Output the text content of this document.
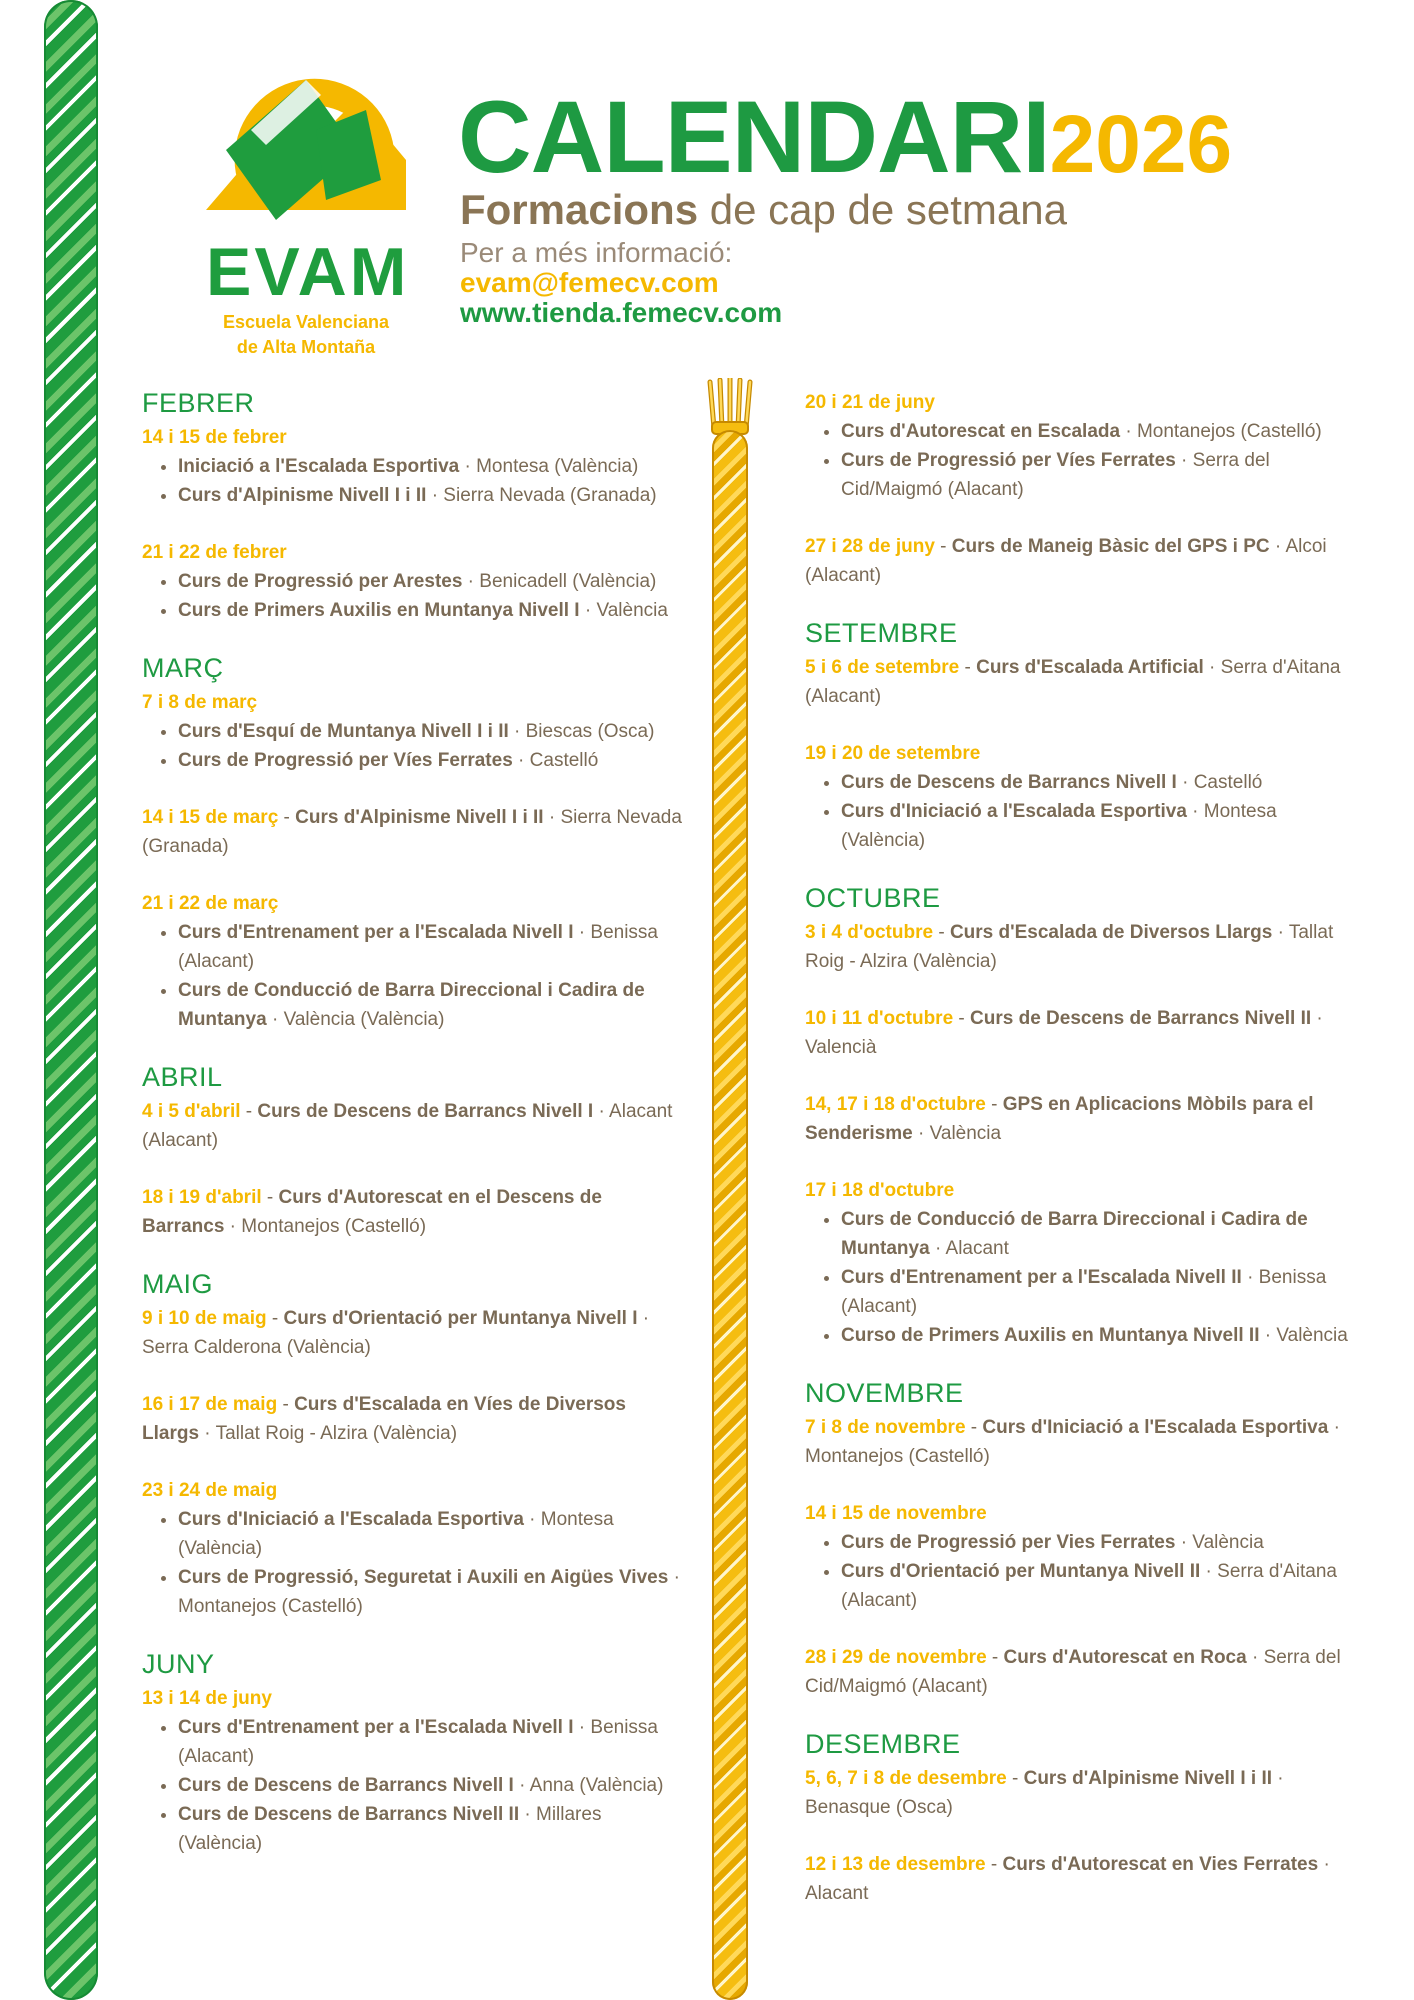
EVAM
Escuela Valenciana
de Alta Montaña
CALENDARI2026
Formacions de cap de setmana
Per a més informació:
evam@femecv.com
www.tienda.femecv.com
FEBRER
14 i 15 de febrer
• Iniciació a l'Escalada Esportiva · Montesa (València)
• Curs d'Alpinisme Nivell I i II · Sierra Nevada (Granada)
21 i 22 de febrer
• Curs de Progressió per Arestes · Benicadell (València)
• Curs de Primers Auxilis en Muntanya Nivell I · València
MARÇ
7 i 8 de març
• Curs d'Esquí de Muntanya Nivell I i II · Biescas (Osca)
• Curs de Progressió per Víes Ferrates · Castelló
14 i 15 de març - Curs d'Alpinisme Nivell I i II · Sierra Nevada (Granada)
21 i 22 de març
• Curs d'Entrenament per a l'Escalada Nivell I · Benissa (Alacant)
• Curs de Conducció de Barra Direccional i Cadira de Muntanya · València (València)
ABRIL
4 i 5 d'abril - Curs de Descens de Barrancs Nivell I · Alacant (Alacant)
18 i 19 d'abril - Curs d'Autorescat en el Descens de Barrancs · Montanejos (Castelló)
MAIG
9 i 10 de maig - Curs d'Orientació per Muntanya Nivell I · Serra Calderona (València)
16 i 17 de maig - Curs d'Escalada en Víes de Diversos Llargs · Tallat Roig - Alzira (València)
23 i 24 de maig
• Curs d'Iniciació a l'Escalada Esportiva · Montesa (València)
• Curs de Progressió, Seguretat i Auxili en Aigües Vives · Montanejos (Castelló)
JUNY
13 i 14 de juny
• Curs d'Entrenament per a l'Escalada Nivell I · Benissa (Alacant)
• Curs de Descens de Barrancs Nivell I · Anna (València)
• Curs de Descens de Barrancs Nivell II · Millares (València)
20 i 21 de juny
• Curs d'Autorescat en Escalada · Montanejos (Castelló)
• Curs de Progressió per Víes Ferrates · Serra del Cid/Maigmó (Alacant)
27 i 28 de juny - Curs de Maneig Bàsic del GPS i PC · Alcoi (Alacant)
SETEMBRE
5 i 6 de setembre - Curs d'Escalada Artificial · Serra d'Aitana (Alacant)
19 i 20 de setembre
• Curs de Descens de Barrancs Nivell I · Castelló
• Curs d'Iniciació a l'Escalada Esportiva · Montesa (València)
OCTUBRE
3 i 4 d'octubre - Curs d'Escalada de Diversos Llargs · Tallat Roig - Alzira (València)
10 i 11 d'octubre - Curs de Descens de Barrancs Nivell II · Valencià
14, 17 i 18 d'octubre - GPS en Aplicacions Mòbils para el Senderisme · València
17 i 18 d'octubre
• Curs de Conducció de Barra Direccional i Cadira de Muntanya · Alacant
• Curs d'Entrenament per a l'Escalada Nivell II · Benissa (Alacant)
• Curso de Primers Auxilis en Muntanya Nivell II · València
NOVEMBRE
7 i 8 de novembre - Curs d'Iniciació a l'Escalada Esportiva · Montanejos (Castelló)
14 i 15 de novembre
• Curs de Progressió per Vies Ferrates · València
• Curs d'Orientació per Muntanya Nivell II · Serra d'Aitana (Alacant)
28 i 29 de novembre - Curs d'Autorescat en Roca · Serra del Cid/Maigmó (Alacant)
DESEMBRE
5, 6, 7 i 8 de desembre - Curs d'Alpinisme Nivell I i II · Benasque (Osca)
12 i 13 de desembre - Curs d'Autorescat en Vies Ferrates · Alacant
